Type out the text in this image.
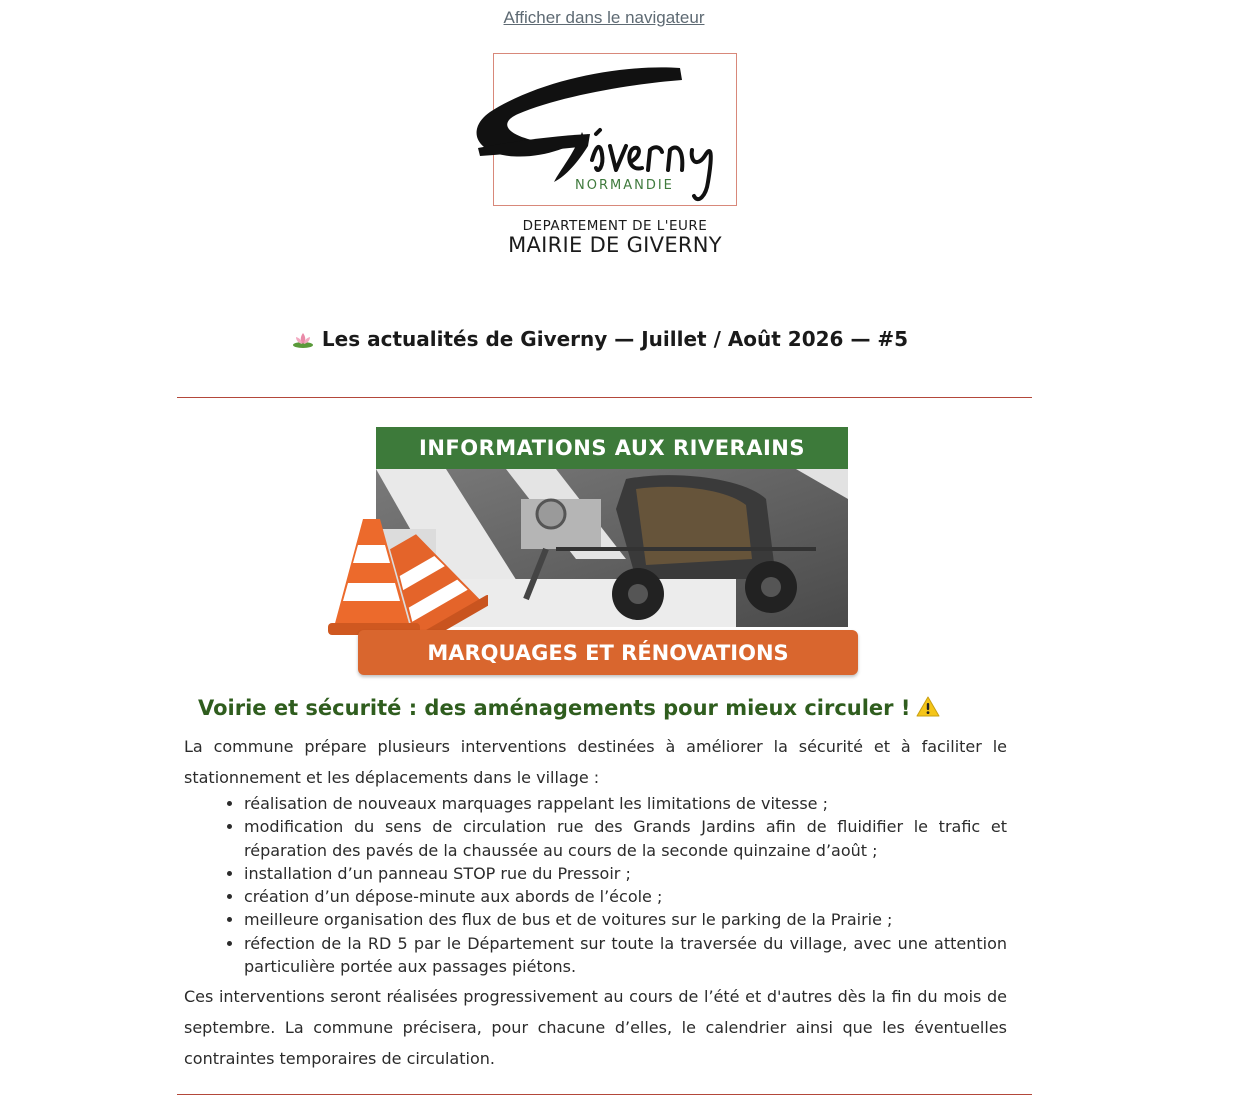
Afficher dans le navigateur
NORMANDIE
DEPARTEMENT DE L'EURE
MAIRIE DE GIVERNY
Les actualités de Giverny — Juillet / Août 2026 — #5
INFORMATIONS AUX RIVERAINS
MARQUAGES ET RÉNOVATIONS
Voirie et sécurité : des aménagements pour mieux circuler !

La commune prépare plusieurs interventions destinées à améliorer la sécurité et à faciliter le stationnement et les déplacements dans le village :

• réalisation de nouveaux marquages rappelant les limitations de vitesse ;
• modification du sens de circulation rue des Grands Jardins afin de fluidifier le trafic et réparation des pavés de la chaussée au cours de la seconde quinzaine d’août ;
• installation d’un panneau STOP rue du Pressoir ;
• création d’un dépose-minute aux abords de l’école ;
• meilleure organisation des flux de bus et de voitures sur le parking de la Prairie ;
• réfection de la RD 5 par le Département sur toute la traversée du village, avec une attention particulière portée aux passages piétons.

Ces interventions seront réalisées progressivement au cours de l’été et d'autres dès la fin du mois de septembre. La commune précisera, pour chacune d’elles, le calendrier ainsi que les éventuelles contraintes temporaires de circulation.
